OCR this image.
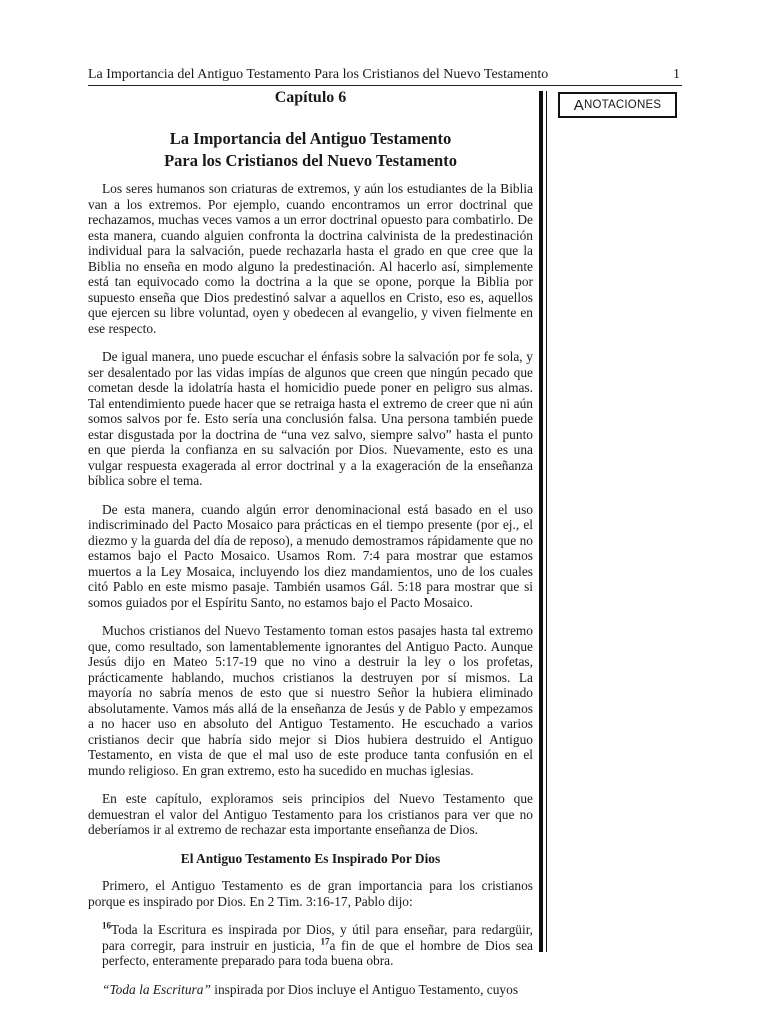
La Importancia del Antiguo Testamento Para los Cristianos del Nuevo Testamento	1
A NOTACIONES
Capítulo 6
La Importancia del Antiguo Testamento
Para los Cristianos del Nuevo Testamento

Los seres humanos son criaturas de extremos, y aún los estudiantes de la Biblia van a los extremos. Por ejemplo, cuando encontramos un error doctrinal que rechazamos, muchas veces vamos a un error doctrinal opuesto para combatirlo. De esta manera, cuando alguien confronta la doctrina calvinista de la predestinación individual para la salvación, puede rechazarla hasta el grado en que cree que la Biblia no enseña en modo alguno la predestinación. Al hacerlo así, simplemente está tan equivocado como la doctrina a la que se opone, porque la Biblia por supuesto enseña que Dios predestinó salvar a aquellos en Cristo, eso es, aquellos que ejercen su libre voluntad, oyen y obedecen al evangelio, y viven fielmente en ese respecto.

De igual manera, uno puede escuchar el énfasis sobre la salvación por fe sola, y ser desalentado por las vidas impías de algunos que creen que ningún pecado que cometan desde la idolatría hasta el homicidio puede poner en peligro sus almas. Tal entendimiento puede hacer que se retraiga hasta el extremo de creer que ni aún somos salvos por fe. Esto sería una conclusión falsa. Una persona también puede estar disgustada por la doctrina de “una vez salvo, siempre salvo” hasta el punto en que pierda la confianza en su salvación por Dios. Nuevamente, esto es una vulgar respuesta exagerada al error doctrinal y a la exageración de la enseñanza bíblica sobre el tema.

De esta manera, cuando algún error denominacional está basado en el uso indiscriminado del Pacto Mosaico para prácticas en el tiempo presente (por ej., el diezmo y la guarda del día de reposo), a menudo demostramos rápidamente que no estamos bajo el Pacto Mosaico. Usamos Rom. 7:4 para mostrar que estamos muertos a la Ley Mosaica, incluyendo los diez mandamientos, uno de los cuales citó Pablo en este mismo pasaje. También usamos Gál. 5:18 para mostrar que si somos guiados por el Espíritu Santo, no estamos bajo el Pacto Mosaico.

Muchos cristianos del Nuevo Testamento toman estos pasajes hasta tal extremo que, como resultado, son lamentablemente ignorantes del Antiguo Pacto. Aunque Jesús dijo en Mateo 5:17-19 que no vino a destruir la ley o los profetas, prácticamente hablando, muchos cristianos la destruyen por sí mismos. La mayoría no sabría menos de esto que si nuestro Señor la hubiera eliminado absolutamente. Vamos más allá de la enseñanza de Jesús y de Pablo y empezamos a no hacer uso en absoluto del Antiguo Testamento. He escuchado a varios cristianos decir que habría sido mejor si Dios hubiera destruido el Antiguo Testamento, en vista de que el mal uso de este produce tanta confusión en el mundo religioso. En gran extremo, esto ha sucedido en muchas iglesias.

En este capítulo, exploramos seis principios del Nuevo Testamento que demuestran el valor del Antiguo Testamento para los cristianos para ver que no deberíamos ir al extremo de rechazar esta importante enseñanza de Dios.

El Antiguo Testamento Es Inspirado Por Dios

Primero, el Antiguo Testamento es de gran importancia para los cristianos porque es inspirado por Dios. En 2 Tim. 3:16-17, Pablo dijo:

$^{16}$Toda la Escritura es inspirada por Dios, y útil para enseñar, para redargüir, para corregir, para instruir en justicia, $^{17}$a fin de que el hombre de Dios sea perfecto, enteramente preparado para toda buena obra.

“Toda la Escritura” inspirada por Dios incluye el Antiguo Testamento, cuyos
